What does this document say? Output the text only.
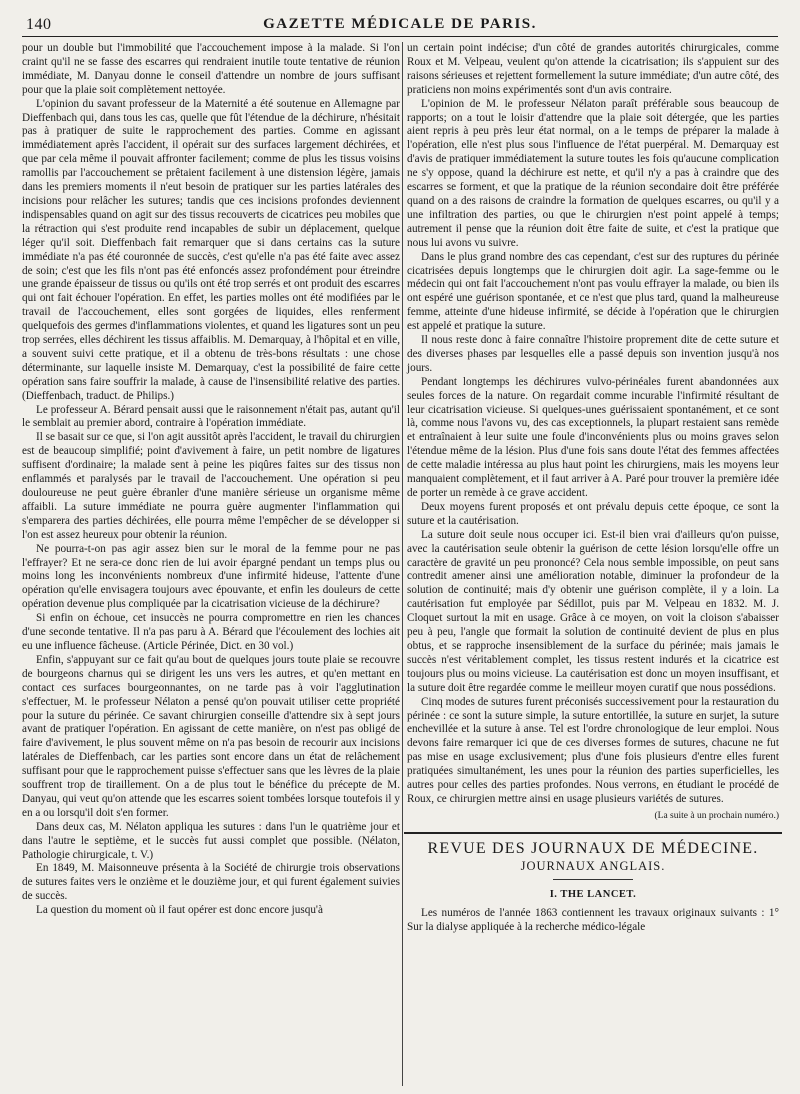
140	GAZETTE MÉDICALE DE PARIS.

pour un double but l'immobilité que l'accouchement impose à la malade. Si l'on craint qu'il ne se fasse des escarres qui rendraient inutile toute tentative de réunion immédiate, M. Danyau donne le conseil d'attendre un nombre de jours suffisant pour que la plaie soit complètement nettoyée.

L'opinion du savant professeur de la Maternité a été soutenue en Allemagne par Dieffenbach qui, dans tous les cas, quelle que fût l'étendue de la déchirure, n'hésitait pas à pratiquer de suite le rapprochement des parties. Comme en agissant immédiatement après l'accident, il opérait sur des surfaces largement déchirées, et que par cela même il pouvait affronter facilement; comme de plus les tissus voisins ramollis par l'accouchement se prêtaient facilement à une distension légère, jamais dans les premiers moments il n'eut besoin de pratiquer sur les parties latérales des incisions pour relâcher les sutures; tandis que ces incisions profondes deviennent indispensables quand on agit sur des tissus recouverts de cicatrices peu mobiles que la rétraction qui s'est produite rend incapables de subir un déplacement, quelque léger qu'il soit. Dieffenbach fait remarquer que si dans certains cas la suture immédiate n'a pas été couronnée de succès, c'est qu'elle n'a pas été faite avec assez de soin; c'est que les fils n'ont pas été enfoncés assez profondément pour étreindre une grande épaisseur de tissus ou qu'ils ont été trop serrés et ont produit des escarres qui ont fait échouer l'opération. En effet, les parties molles ont été modifiées par le travail de l'accouchement, elles sont gorgées de liquides, elles renferment quelquefois des germes d'inflammations violentes, et quand les ligatures sont un peu trop serrées, elles déchirent les tissus affaiblis. M. Demarquay, à l'hôpital et en ville, a souvent suivi cette pratique, et il a obtenu de très-bons résultats : une chose déterminante, sur laquelle insiste M. Demarquay, c'est la possibilité de faire cette opération sans faire souffrir la malade, à cause de l'insensibilité relative des parties. (Dieffenbach, traduct. de Philips.)

Le professeur A. Bérard pensait aussi que le raisonnement n'était pas, autant qu'il le semblait au premier abord, contraire à l'opération immédiate.

Il se basait sur ce que, si l'on agit aussitôt après l'accident, le travail du chirurgien est de beaucoup simplifié; point d'avivement à faire, un petit nombre de ligatures suffisent d'ordinaire; la malade sent à peine les piqûres faites sur des tissus non enflammés et paralysés par le travail de l'accouchement. Une opération si peu douloureuse ne peut guère ébranler d'une manière sérieuse un organisme même affaibli. La suture immédiate ne pourra guère augmenter l'inflammation qui s'emparera des parties déchirées, elle pourra même l'empêcher de se développer si l'on est assez heureux pour obtenir la réunion.

Ne pourra-t-on pas agir assez bien sur le moral de la femme pour ne pas l'effrayer? Et ne sera-ce donc rien de lui avoir épargné pendant un temps plus ou moins long les inconvénients nombreux d'une infirmité hideuse, l'attente d'une opération qu'elle envisagera toujours avec épouvante, et enfin les douleurs de cette opération devenue plus compliquée par la cicatrisation vicieuse de la déchirure?

Si enfin on échoue, cet insuccès ne pourra compromettre en rien les chances d'une seconde tentative. Il n'a pas paru à A. Bérard que l'écoulement des lochies ait eu une influence fâcheuse. (Article Périnée, Dict. en 30 vol.)

Enfin, s'appuyant sur ce fait qu'au bout de quelques jours toute plaie se recouvre de bourgeons charnus qui se dirigent les uns vers les autres, et qu'en mettant en contact ces surfaces bourgeonnantes, on ne tarde pas à voir l'agglutination s'effectuer, M. le professeur Nélaton a pensé qu'on pouvait utiliser cette propriété pour la suture du périnée. Ce savant chirurgien conseille d'attendre six à sept jours avant de pratiquer l'opération. En agissant de cette manière, on n'est pas obligé de faire d'avivement, le plus souvent même on n'a pas besoin de recourir aux incisions latérales de Dieffenbach, car les parties sont encore dans un état de relâchement suffisant pour que le rapprochement puisse s'effectuer sans que les lèvres de la plaie souffrent trop de tiraillement. On a de plus tout le bénéfice du précepte de M. Danyau, qui veut qu'on attende que les escarres soient tombées lorsque toutefois il y en a ou lorsqu'il doit s'en former.

Dans deux cas, M. Nélaton appliqua les sutures : dans l'un le quatrième jour et dans l'autre le septième, et le succès fut aussi complet que possible. (Nélaton, Pathologie chirurgicale, t. V.)

En 1849, M. Maisonneuve présenta à la Société de chirurgie trois observations de sutures faites vers le onzième et le douzième jour, et qui furent également suivies de succès.

La question du moment où il faut opérer est donc encore jusqu'à

un certain point indécise; d'un côté de grandes autorités chirurgicales, comme Roux et M. Velpeau, veulent qu'on attende la cicatrisation; ils s'appuient sur des raisons sérieuses et rejettent formellement la suture immédiate; d'un autre côté, des praticiens non moins expérimentés sont d'un avis contraire.

L'opinion de M. le professeur Nélaton paraît préférable sous beaucoup de rapports; on a tout le loisir d'attendre que la plaie soit détergée, que les parties aient repris à peu près leur état normal, on a le temps de préparer la malade à l'opération, elle n'est plus sous l'influence de l'état puerpéral. M. Demarquay est d'avis de pratiquer immédiatement la suture toutes les fois qu'aucune complication ne s'y oppose, quand la déchirure est nette, et qu'il n'y a pas à craindre que des escarres se forment, et que la pratique de la réunion secondaire doit être préférée quand on a des raisons de craindre la formation de quelques escarres, ou qu'il y a une infiltration des parties, ou que le chirurgien n'est point appelé à temps; autrement il pense que la réunion doit être faite de suite, et c'est la pratique que nous lui avons vu suivre.

Dans le plus grand nombre des cas cependant, c'est sur des ruptures du périnée cicatrisées depuis longtemps que le chirurgien doit agir. La sage-femme ou le médecin qui ont fait l'accouchement n'ont pas voulu effrayer la malade, ou bien ils ont espéré une guérison spontanée, et ce n'est que plus tard, quand la malheureuse femme, atteinte d'une hideuse infirmité, se décide à l'opération que le chirurgien est appelé et pratique la suture.

Il nous reste donc à faire connaître l'histoire proprement dite de cette suture et des diverses phases par lesquelles elle a passé depuis son invention jusqu'à nos jours.

Pendant longtemps les déchirures vulvo-périnéales furent abandonnées aux seules forces de la nature. On regardait comme incurable l'infirmité résultant de leur cicatrisation vicieuse. Si quelques-unes guérissaient spontanément, et ce sont là, comme nous l'avons vu, des cas exceptionnels, la plupart restaient sans remède et entraînaient à leur suite une foule d'inconvénients plus ou moins graves selon l'étendue même de la lésion. Plus d'une fois sans doute l'état des femmes affectées de cette maladie intéressa au plus haut point les chirurgiens, mais les moyens leur manquaient complètement, et il faut arriver à A. Paré pour trouver la première idée de porter un remède à ce grave accident.

Deux moyens furent proposés et ont prévalu depuis cette époque, ce sont la suture et la cautérisation.

La suture doit seule nous occuper ici. Est-il bien vrai d'ailleurs qu'on puisse, avec la cautérisation seule obtenir la guérison de cette lésion lorsqu'elle offre un caractère de gravité un peu prononcé? Cela nous semble impossible, on peut sans contredit amener ainsi une amélioration notable, diminuer la profondeur de la solution de continuité; mais d'y obtenir une guérison complète, il y a loin. La cautérisation fut employée par Sédillot, puis par M. Velpeau en 1832. M. J. Cloquet surtout la mit en usage. Grâce à ce moyen, on voit la cloison s'abaisser peu à peu, l'angle que formait la solution de continuité devient de plus en plus obtus, et se rapproche insensiblement de la surface du périnée; mais jamais le succès n'est véritablement complet, les tissus restent indurés et la cicatrice est toujours plus ou moins vicieuse. La cautérisation est donc un moyen insuffisant, et la suture doit être regardée comme le meilleur moyen curatif que nous possédions.

Cinq modes de sutures furent préconisés successivement pour la restauration du périnée : ce sont la suture simple, la suture entortillée, la suture en surjet, la suture enchevillée et la suture à anse. Tel est l'ordre chronologique de leur emploi. Nous devons faire remarquer ici que de ces diverses formes de sutures, chacune ne fut pas mise en usage exclusivement; plus d'une fois plusieurs d'entre elles furent pratiquées simultanément, les unes pour la réunion des parties superficielles, les autres pour celles des parties profondes. Nous verrons, en étudiant le procédé de Roux, ce chirurgien mettre ainsi en usage plusieurs variétés de sutures.

(La suite à un prochain numéro.)
REVUE DES JOURNAUX DE MÉDECINE.
JOURNAUX ANGLAIS.
I. THE LANCET.

Les numéros de l'année 1863 contiennent les travaux originaux suivants : 1° Sur la dialyse appliquée à la recherche médico-légale
